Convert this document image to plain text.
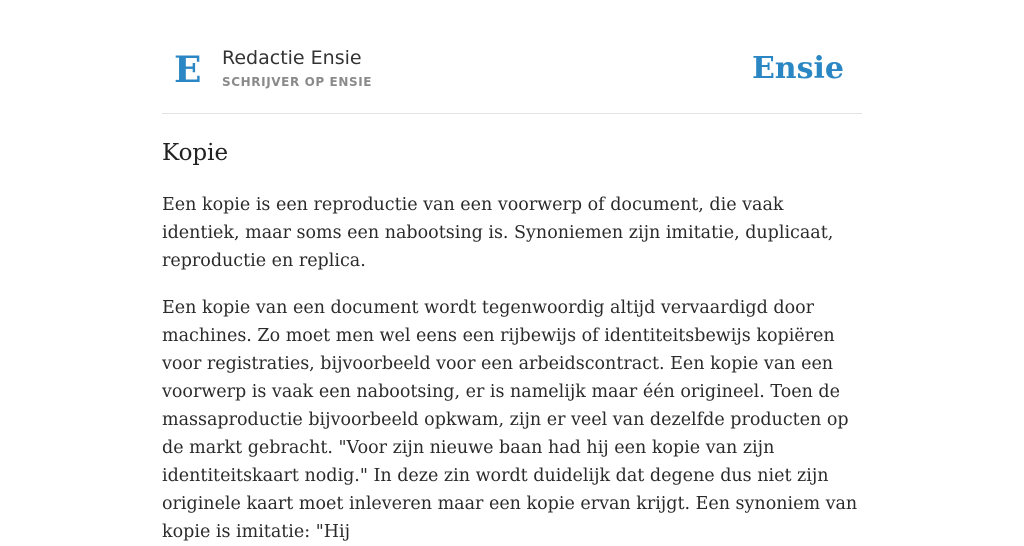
E Redactie Ensie
SCHRIJVER OP ENSIE	Ensie
Kopie

Een kopie is een reproductie van een voorwerp of document, die vaak identiek, maar soms een nabootsing is. Synoniemen zijn imitatie, duplicaat, reproductie en replica.

Een kopie van een document wordt tegenwoordig altijd vervaardigd door machines. Zo moet men wel eens een rijbewijs of identiteitsbewijs kopiëren voor registraties, bijvoorbeeld voor een arbeidscontract. Een kopie van een voorwerp is vaak een nabootsing, er is namelijk maar één origineel. Toen de massaproductie bijvoorbeeld opkwam, zijn er veel van dezelfde producten op de markt gebracht. "Voor zijn nieuwe baan had hij een kopie van zijn identiteitskaart nodig." In deze zin wordt duidelijk dat degene dus niet zijn originele kaart moet inleveren maar een kopie ervan krijgt. Een synoniem van kopie is imitatie: "Hij
